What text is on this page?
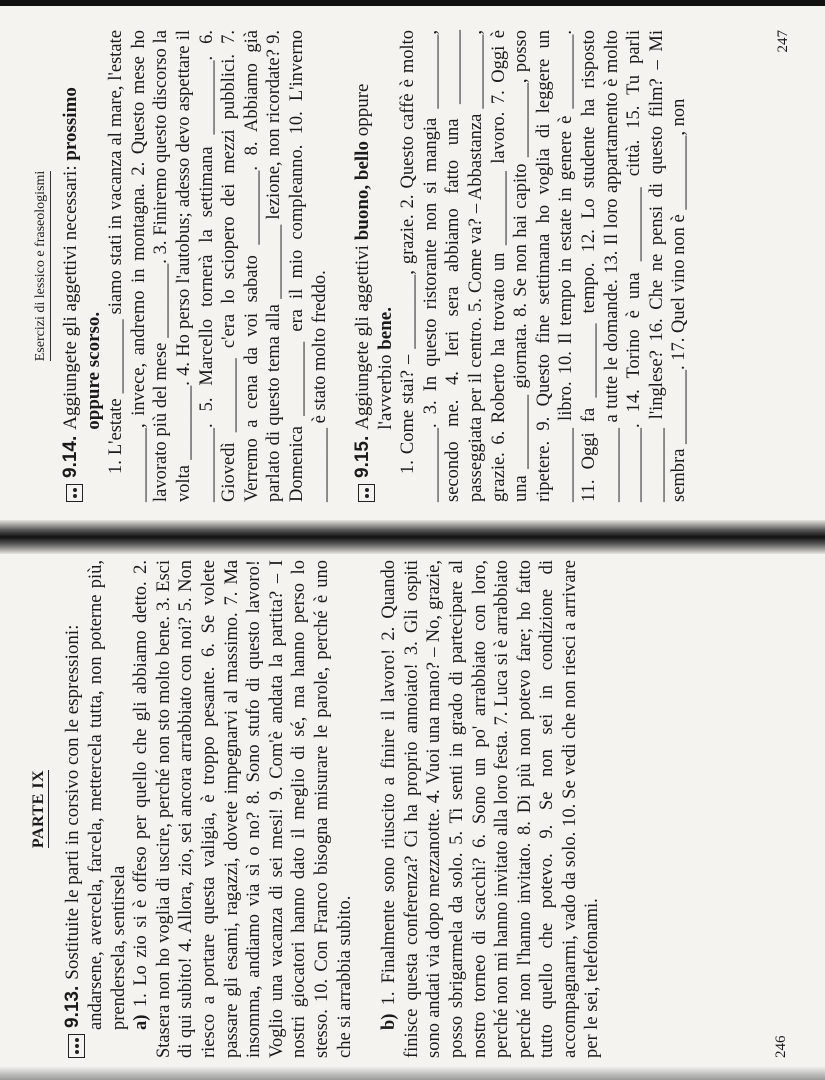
PARTE IX
9.13.
Sostituite le parti in corsivo con le espressioni: andarsene, avercela, farcela, mettercela tutta, non poterne più, prendersela, sentirsela a) 1. Lo zio si è offeso per quello che gli abbiamo detto. 2. Stasera non ho voglia di uscire, perché non sto molto bene. 3. Esci di qui subito! 4. Allora, zio, sei ancora arrabbiato con noi? 5. Non riesco a portare questa valigia, è troppo pesante. 6. Se volete passare gli esami, ragazzi, dovete impegnarvi al massimo. 7. Ma insomma, andiamo via sì o no? 8. Sono stufo di questo lavoro! Voglio una vacanza di sei mesi! 9. Com'è andata la partita? – I nostri giocatori hanno dato il meglio di sé, ma hanno perso lo stesso. 10. Con Franco bisogna misurare le parole, perché è uno che si arrabbia subito. b) 1. Finalmente sono riuscito a finire il lavoro! 2. Quando finisce questa conferenza? Ci ha proprio annoiato! 3. Gli ospiti sono andati via dopo mezzanotte. 4. Vuoi una mano? – No, grazie, posso sbrigarmela da solo. 5. Ti senti in grado di partecipare al nostro torneo di scacchi? 6. Sono un po' arrabbiato con loro, perché non mi hanno invitato alla loro festa. 7. Luca si è arrabbiato perché non l'hanno invitato. 8. Di più non potevo fare; ho fatto tutto quello che potevo. 9. Se non sei in condizione di accompagnarmi, vado da solo. 10. Se vedi che non riesci a arrivare per le sei, telefonami.	246
Esercizi di lessico e fraseologismi
9.14.
Aggiungete gli aggettivi necessari: prossimo oppure scorso. 1. L'estate ________ siamo stati in vacanza al mare, l'estate ________, invece, andremo in montagna. 2. Questo mese ho lavorato più del mese ________. 3. Finiremo questo discorso la volta ________. 4. Ho perso l'autobus; adesso devo aspettare il ________. 5. Marcello tornerà la settimana ________. 6. Giovedì ________ c'era lo sciopero dei mezzi pubblici. 7. Verremo a cena da voi sabato ________. 8. Abbiamo già parlato di questo tema alla ________ lezione, non ricordate? 9. Domenica ________ era il mio compleanno. 10. L'inverno ________ è stato molto freddo. 9.15.
Aggiungete gli aggettivi buono, bello oppure l'avverbio bene. 1. Come stai? – ________, grazie. 2. Questo caffè è molto ________. 3. In questo ristorante non si mangia ________, secondo me. 4. Ieri sera abbiamo fatto una ________ passeggiata per il centro. 5. Come va? – Abbastanza ________, grazie. 6. Roberto ha trovato un ________ lavoro. 7. Oggi è una ________ giornata. 8. Se non hai capito ________, posso ripetere. 9. Questo fine settimana ho voglia di leggere un ________ libro. 10. Il tempo in estate in genere è ________. 11. Oggi fa ________ tempo. 12. Lo studente ha risposto ________ a tutte le domande. 13. Il loro appartamento è molto ________. 14. Torino è una ________ città. 15. Tu parli ________ l'inglese? 16. Che ne pensi di questo film? – Mi sembra ________. 17. Quel vino non è ________, non

247
